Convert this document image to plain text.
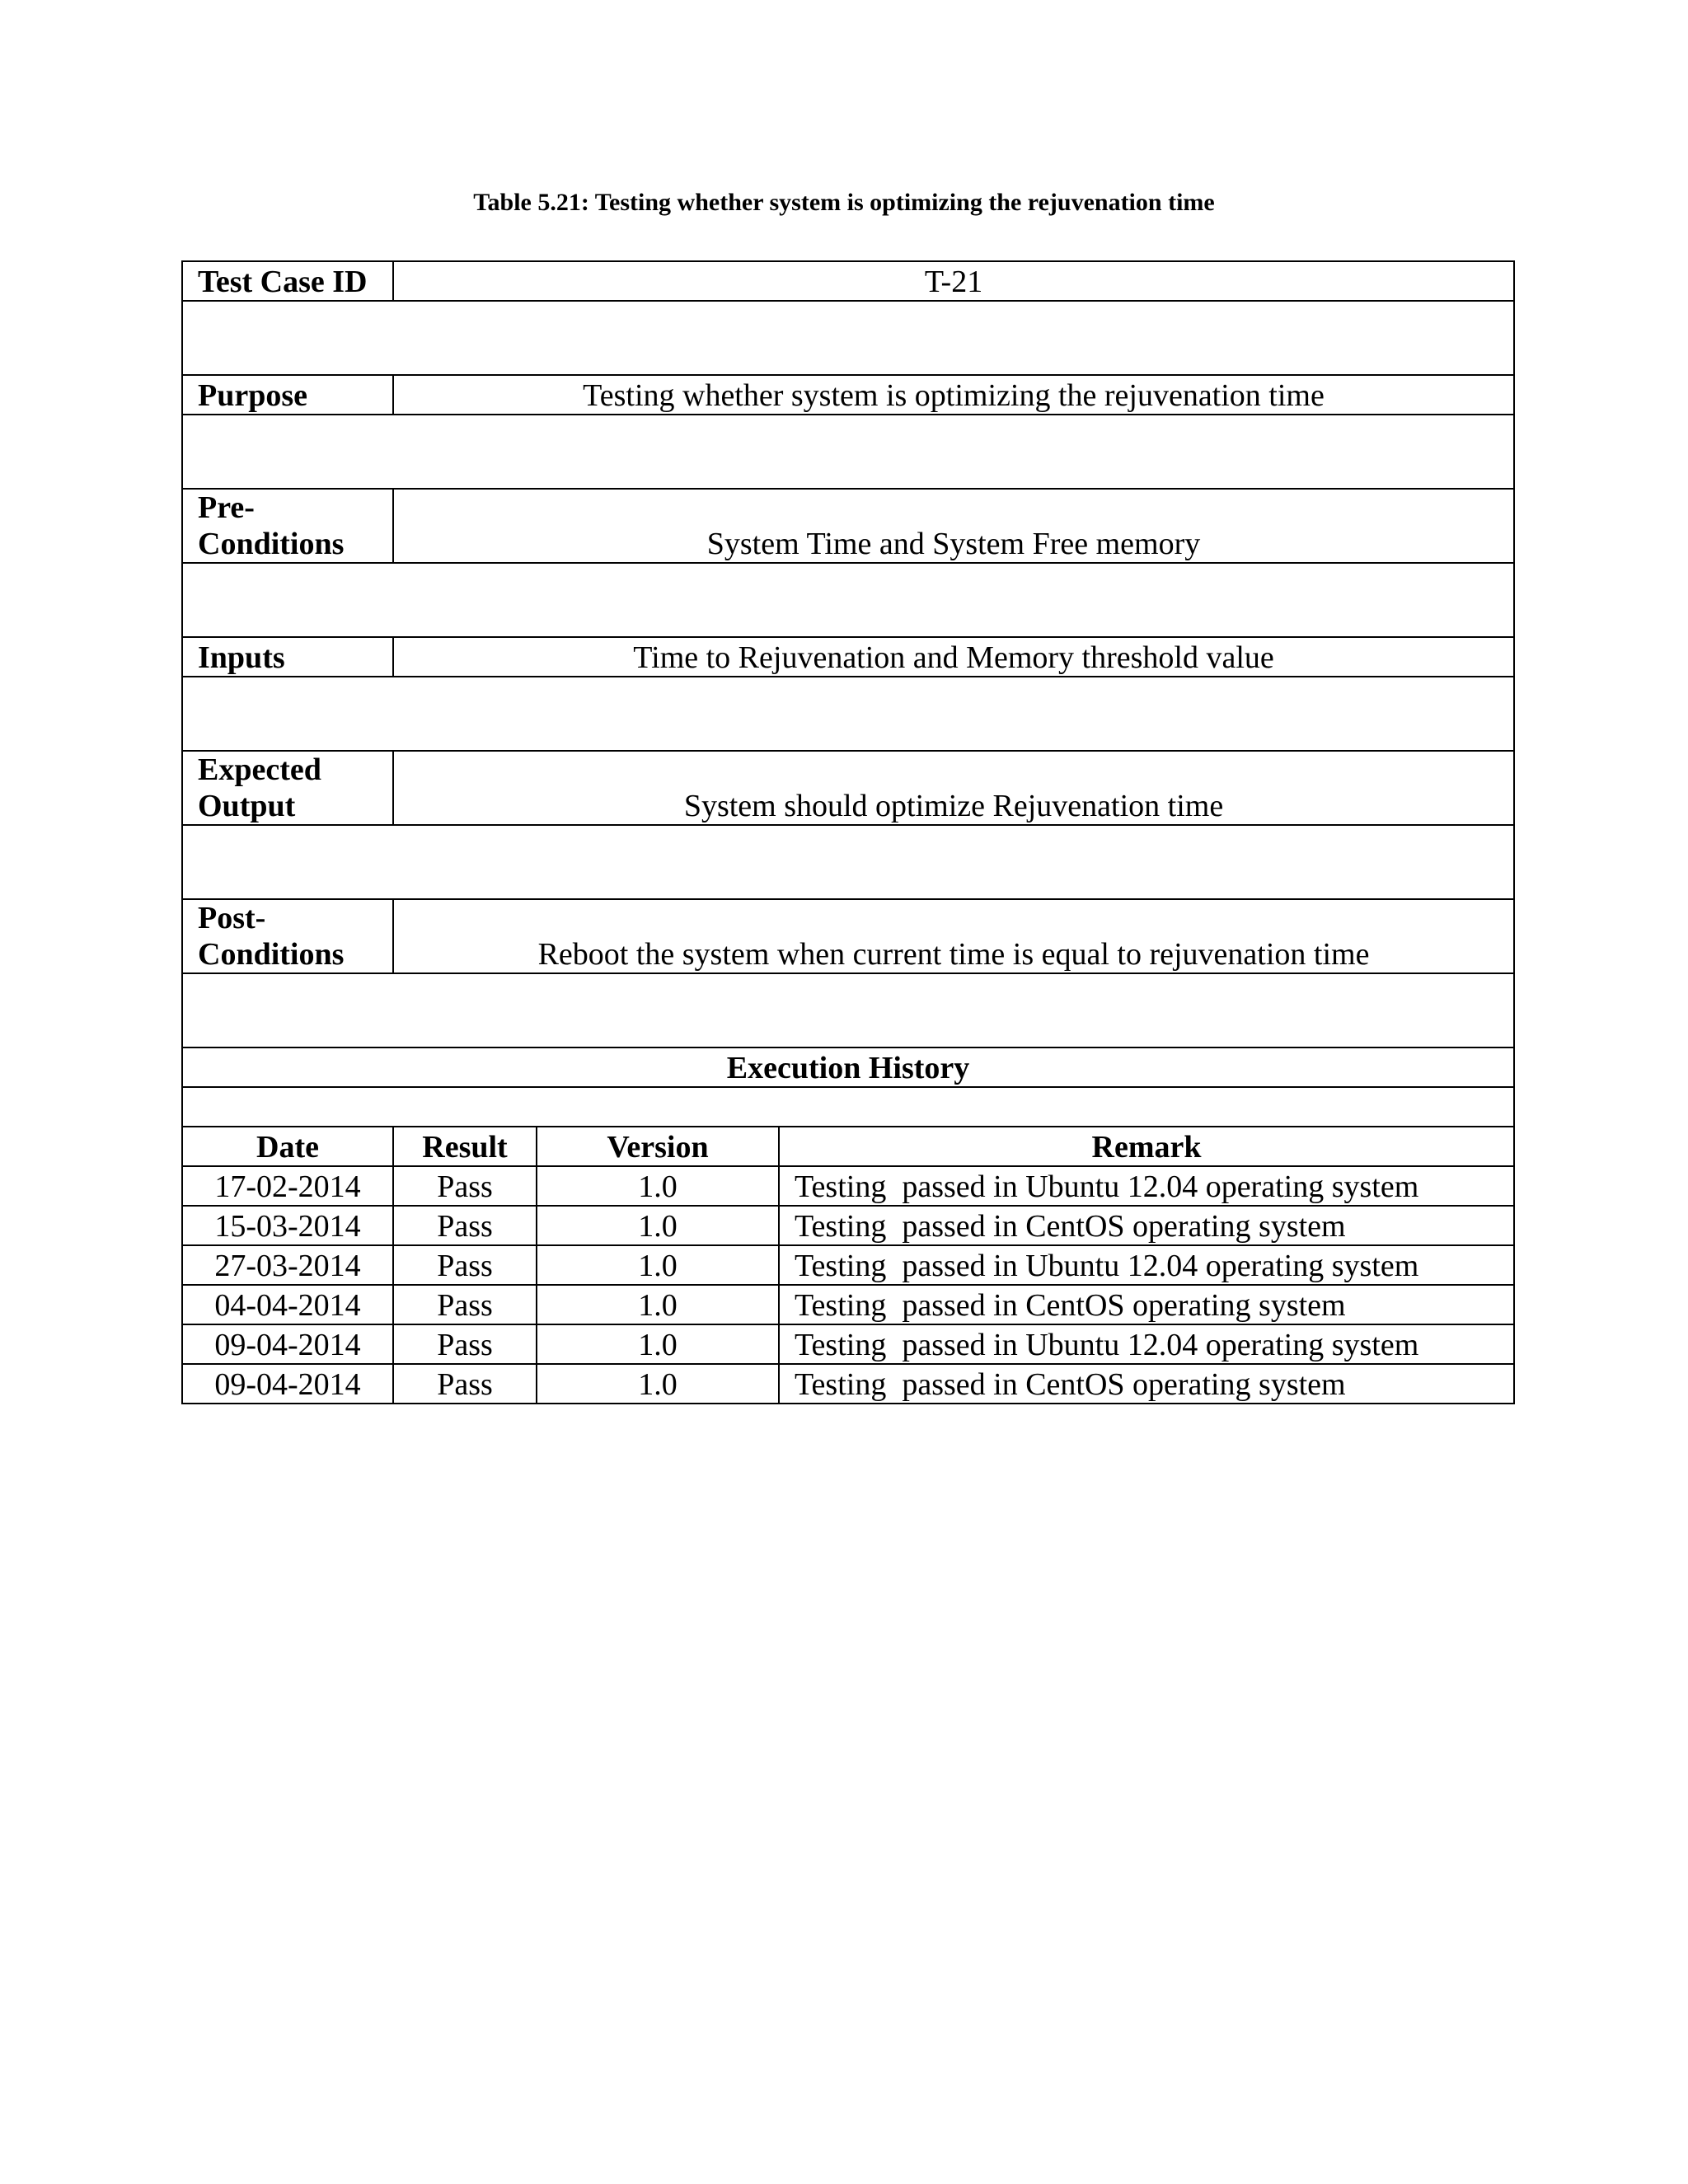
Table 5.21: Testing whether system is optimizing the rejuvenation time
Test Case ID	T-21		

Purpose	Testing whether system is optimizing the rejuvenation time		

Pre-
Conditions	System Time and System Free memory		

Inputs	Time to Rejuvenation and Memory threshold value		

Expected
Output	System should optimize Rejuvenation time		

Post-
Conditions	Reboot the system when current time is equal to rejuvenation time		

Execution History			

Date	Result	Version	Remark
17-02-2014	Pass	1.0	Testing  passed in Ubuntu 12.04 operating system
15-03-2014	Pass	1.0	Testing  passed in CentOS operating system
27-03-2014	Pass	1.0	Testing  passed in Ubuntu 12.04 operating system
04-04-2014	Pass	1.0	Testing  passed in CentOS operating system
09-04-2014	Pass	1.0	Testing  passed in Ubuntu 12.04 operating system
09-04-2014	Pass	1.0	Testing  passed in CentOS operating system
